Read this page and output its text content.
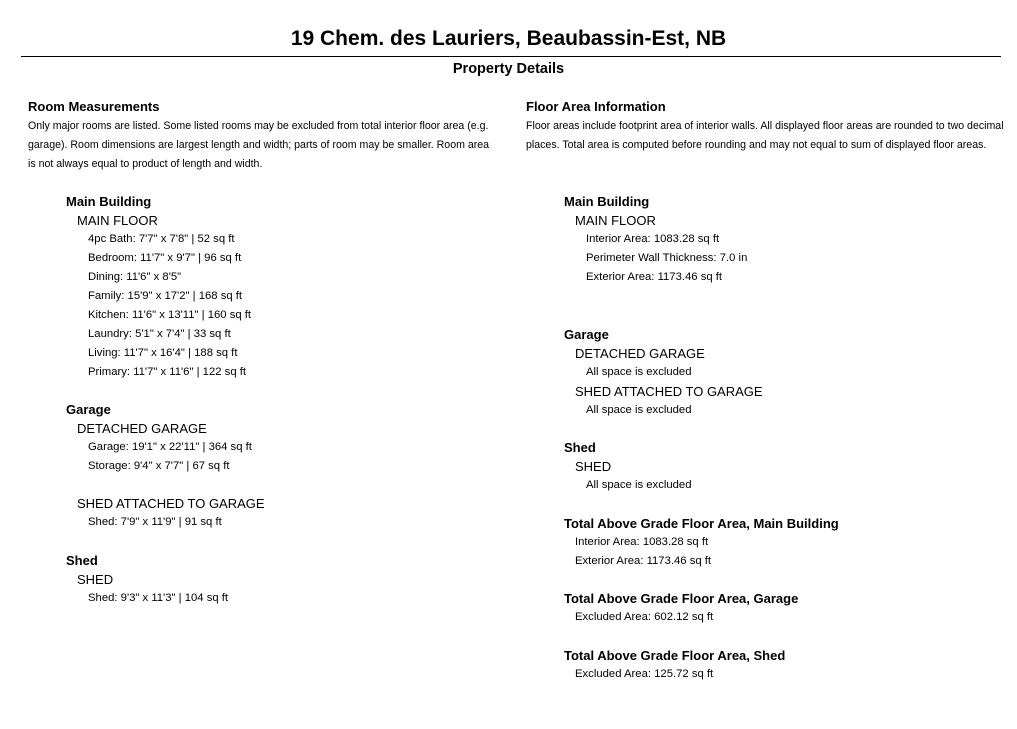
19 Chem. des Lauriers, Beaubassin-Est, NB
Property Details
Room Measurements
Only major rooms are listed. Some listed rooms may be excluded from total interior floor area (e.g. garage). Room dimensions are largest length and width; parts of room may be smaller. Room area is not always equal to product of length and width.
Main Building
MAIN FLOOR
4pc Bath: 7'7" x 7'8" | 52 sq ft
Bedroom: 11'7" x 9'7" | 96 sq ft
Dining: 11'6" x 8'5"
Family: 15'9" x 17'2" | 168 sq ft
Kitchen: 11'6" x 13'11" | 160 sq ft
Laundry: 5'1" x 7'4" | 33 sq ft
Living: 11'7" x 16'4" | 188 sq ft
Primary: 11'7" x 11'6" | 122 sq ft
Garage
DETACHED GARAGE
Garage: 19'1" x 22'11" | 364 sq ft
Storage: 9'4" x 7'7" | 67 sq ft
SHED ATTACHED TO GARAGE
Shed: 7'9" x 11'9" | 91 sq ft
Shed
SHED
Shed: 9'3" x 11'3" | 104 sq ft
Floor Area Information
Floor areas include footprint area of interior walls. All displayed floor areas are rounded to two decimal places. Total area is computed before rounding and may not equal to sum of displayed floor areas.
Main Building
MAIN FLOOR
Interior Area: 1083.28 sq ft
Perimeter Wall Thickness: 7.0 in
Exterior Area: 1173.46 sq ft
Garage
DETACHED GARAGE
All space is excluded
SHED ATTACHED TO GARAGE
All space is excluded
Shed
SHED
All space is excluded
Total Above Grade Floor Area, Main Building
Interior Area: 1083.28 sq ft
Exterior Area: 1173.46 sq ft
Total Above Grade Floor Area, Garage
Excluded Area: 602.12 sq ft
Total Above Grade Floor Area, Shed
Excluded Area: 125.72 sq ft
